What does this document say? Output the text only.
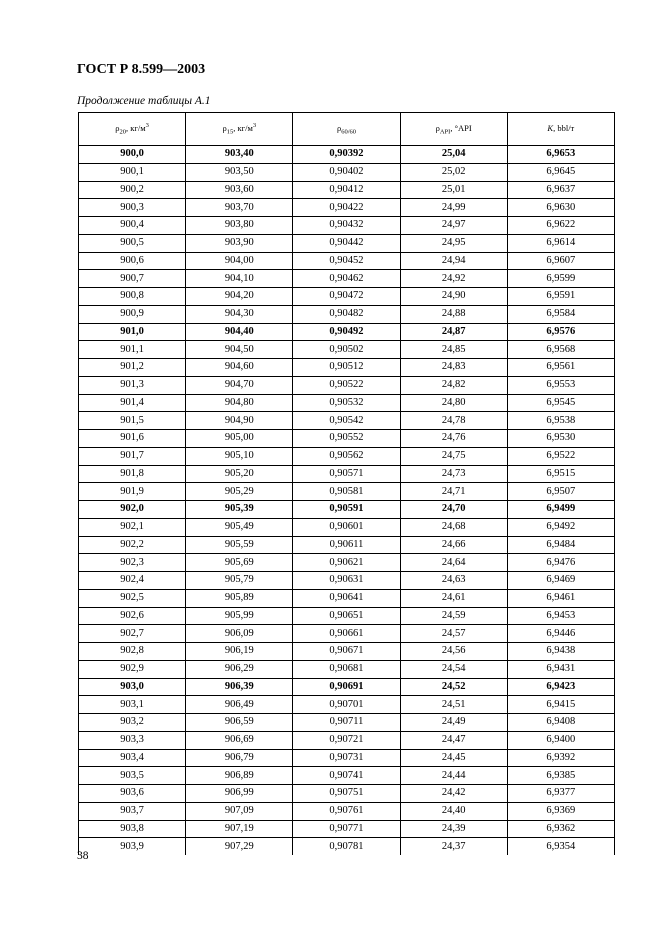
ГОСТ Р 8.599—2003
Продолжение таблицы А.1
$\rho_{20}$, $кг/м^3$	$\rho_{15}$, $кг/м^3$	$\rho_{60/60}$	$\rho_{API}$, °API	K, bbl/т
900,0	903,40	0,90392	25,04	6,9653
900,1	903,50	0,90402	25,02	6,9645
900,2	903,60	0,90412	25,01	6,9637
900,3	903,70	0,90422	24,99	6,9630
900,4	903,80	0,90432	24,97	6,9622
900,5	903,90	0,90442	24,95	6,9614
900,6	904,00	0,90452	24,94	6,9607
900,7	904,10	0,90462	24,92	6,9599
900,8	904,20	0,90472	24,90	6,9591
900,9	904,30	0,90482	24,88	6,9584
901,0	904,40	0,90492	24,87	6,9576
901,1	904,50	0,90502	24,85	6,9568
901,2	904,60	0,90512	24,83	6,9561
901,3	904,70	0,90522	24,82	6,9553
901,4	904,80	0,90532	24,80	6,9545
901,5	904,90	0,90542	24,78	6,9538
901,6	905,00	0,90552	24,76	6,9530
901,7	905,10	0,90562	24,75	6,9522
901,8	905,20	0,90571	24,73	6,9515
901,9	905,29	0,90581	24,71	6,9507
902,0	905,39	0,90591	24,70	6,9499
902,1	905,49	0,90601	24,68	6,9492
902,2	905,59	0,90611	24,66	6,9484
902,3	905,69	0,90621	24,64	6,9476
902,4	905,79	0,90631	24,63	6,9469
902,5	905,89	0,90641	24,61	6,9461
902,6	905,99	0,90651	24,59	6,9453
902,7	906,09	0,90661	24,57	6,9446
902,8	906,19	0,90671	24,56	6,9438
902,9	906,29	0,90681	24,54	6,9431
903,0	906,39	0,90691	24,52	6,9423
903,1	906,49	0,90701	24,51	6,9415
903,2	906,59	0,90711	24,49	6,9408
903,3	906,69	0,90721	24,47	6,9400
903,4	906,79	0,90731	24,45	6,9392
903,5	906,89	0,90741	24,44	6,9385
903,6	906,99	0,90751	24,42	6,9377
903,7	907,09	0,90761	24,40	6,9369
903,8	907,19	0,90771	24,39	6,9362
903,9	907,29	0,90781	24,37	6,9354
38
